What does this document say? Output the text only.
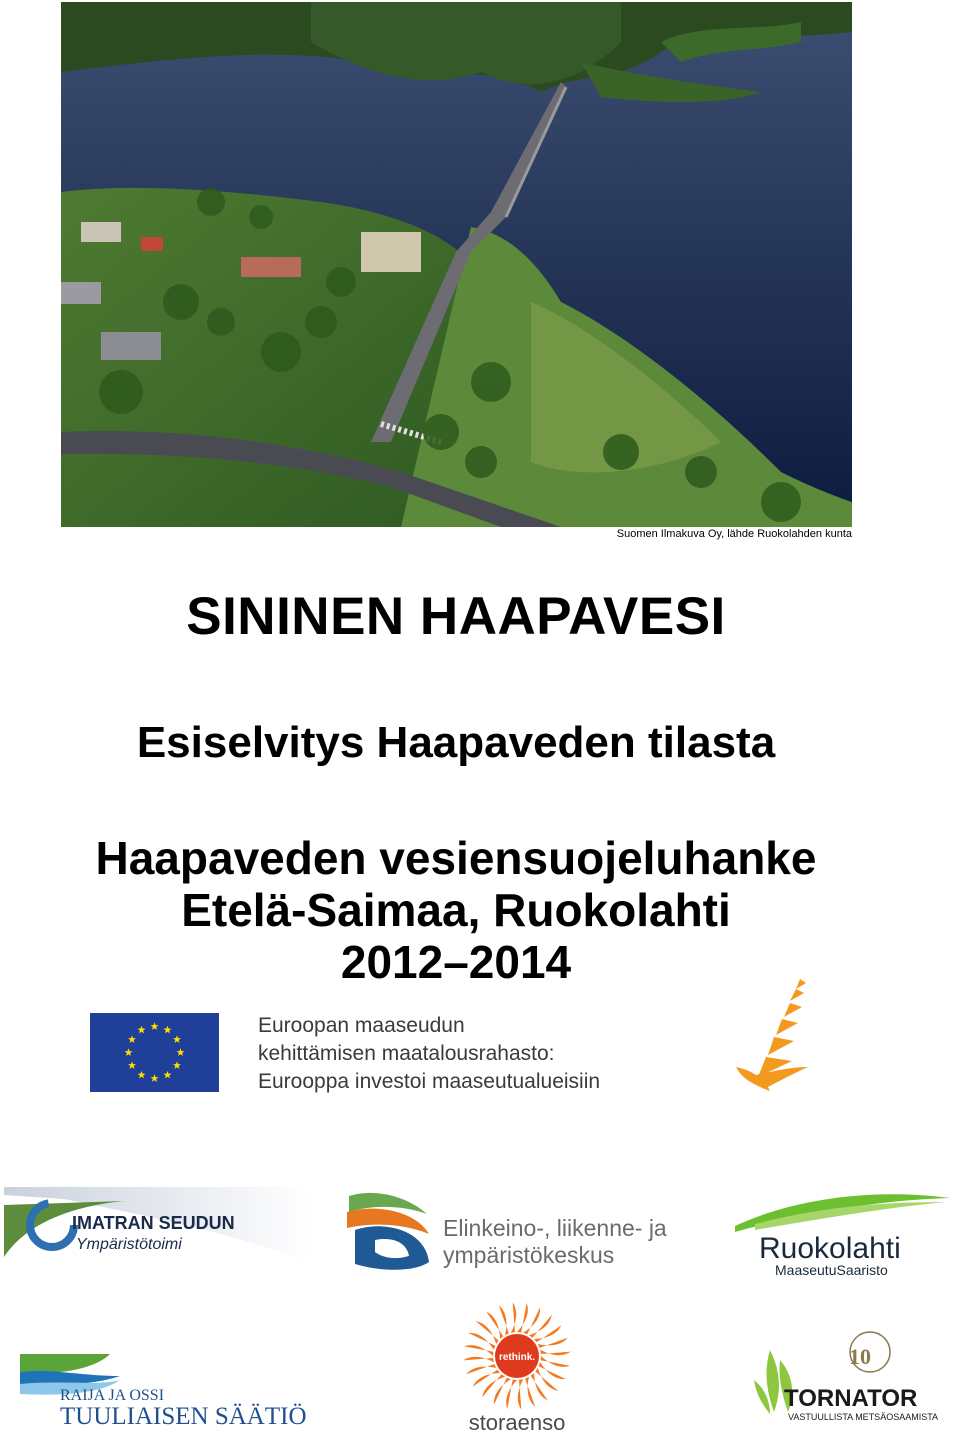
Suomen Ilmakuva Oy, lähde Ruokolahden kunta
SININEN HAAPAVESI
Esiselvitys Haapaveden tilasta
Haapaveden vesiensuojeluhanke
Etelä-Saimaa, Ruokolahti
2012–2014
Euroopan maaseudun
kehittämisen maatalousrahasto:
Eurooppa investoi maaseutualueisiin
IMATRAN SEUDUN
Ympäristötoimi
Elinkeino-, liikenne- ja
ympäristökeskus	Ruokolahti
MaaseutuSaaristo
RAIJA JA OSSI
TUULIAISEN SÄÄTIÖ
rethink.
storaenso
10
TORNATOR
VASTUULLISTA METSÄOSAAMISTA
